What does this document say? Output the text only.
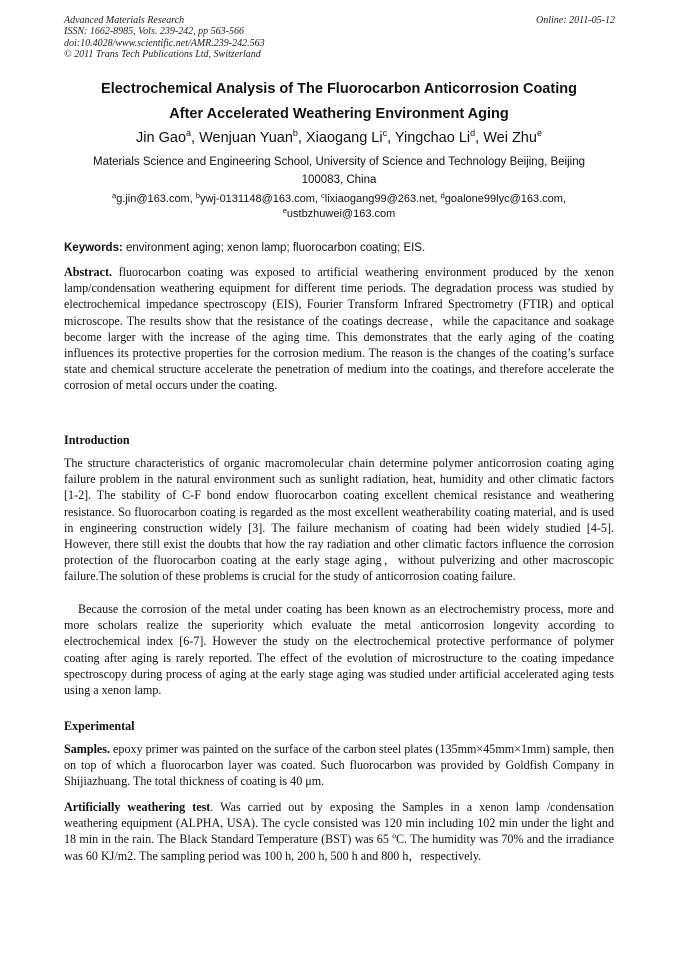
Advanced Materials Research
ISSN: 1662-8985, Vols. 239-242, pp 563-566
doi:10.4028/www.scientific.net/AMR.239-242.563
© 2011 Trans Tech Publications Ltd, Switzerland
Online: 2011-05-12
Electrochemical Analysis of The Fluorocarbon Anticorrosion Coating
After Accelerated Weathering Environment Aging
Jin Gao$^a$, Wenjuan Yuan$^b$, Xiaogang Li$^c$, Yingchao Li$^d$, Wei Zhu$^e$
Materials Science and Engineering School, University of Science and Technology Beijing, Beijing
100083, China
$^a$g.jin@163.com, $^b$ywj-0131148@163.com, $^c$lixiaogang99@263.net, $^d$goalone99lyc@163.com,
$^e$ustbzhuwei@163.com
Keywords: environment aging; xenon lamp; fluorocarbon coating; EIS.
Abstract. fluorocarbon coating was exposed to artificial weathering environment produced by the xenon lamp/condensation weathering equipment for different time periods. The degradation process was studied by electrochemical impedance spectroscopy (EIS), Fourier Transform Infrared Spectrometry (FTIR) and optical microscope. The results show that the resistance of the coatings decrease，while the capacitance and soakage become larger with the increase of the aging time. This demonstrates that the early aging of the coating influences its protective properties for the corrosion medium. The reason is the changes of the coating’s surface state and chemical structure accelerate the penetration of medium into the coatings, and therefore accelerate the corrosion of metal occurs under the coating.
Introduction
The structure characteristics of organic macromolecular chain determine polymer anticorrosion coating aging failure problem in the natural environment such as sunlight radiation, heat, humidity and other climatic factors [1-2]. The stability of C-F bond endow fluorocarbon coating excellent chemical resistance and weathering resistance. So fluorocarbon coating is regarded as the most excellent weatherability coating material, and is used in engineering construction widely [3]. The failure mechanism of coating had been widely studied [4-5]. However, there still exist the doubts that how the ray radiation and other climatic factors influence the corrosion protection of the fluorocarbon coating at the early stage aging，without pulverizing and other macroscopic failure.The solution of these problems is crucial for the study of anticorrosion coating failure.
Because the corrosion of the metal under coating has been known as an electrochemistry process, more and more scholars realize the superiority which evaluate the metal anticorrosion longevity according to electrochemical index [6-7]. However the study on the electrochemical protective performance of polymer coating after aging is rarely reported. The effect of the evolution of microstructure to the coating impedance spectroscopy during process of aging at the early stage aging was studied under artificial accelerated aging tests using a xenon lamp.
Experimental
Samples. epoxy primer was painted on the surface of the carbon steel plates (135mm×45mm×1mm) sample, then on top of which a fluorocarbon layer was coated. Such fluorocarbon was provided by Goldfish Company in Shijiazhuang. The total thickness of coating is 40 μm.
Artificially weathering test. Was carried out by exposing the Samples in a xenon lamp /condensation weathering equipment (ALPHA, USA). The cycle consisted was 120 min including 102 min under the light and 18 min in the rain. The Black Standard Temperature (BST) was 65 ºC. The humidity was 70% and the irradiance was 60 KJ/m2. The sampling period was 100 h, 200 h, 500 h and 800 h，respectively.
